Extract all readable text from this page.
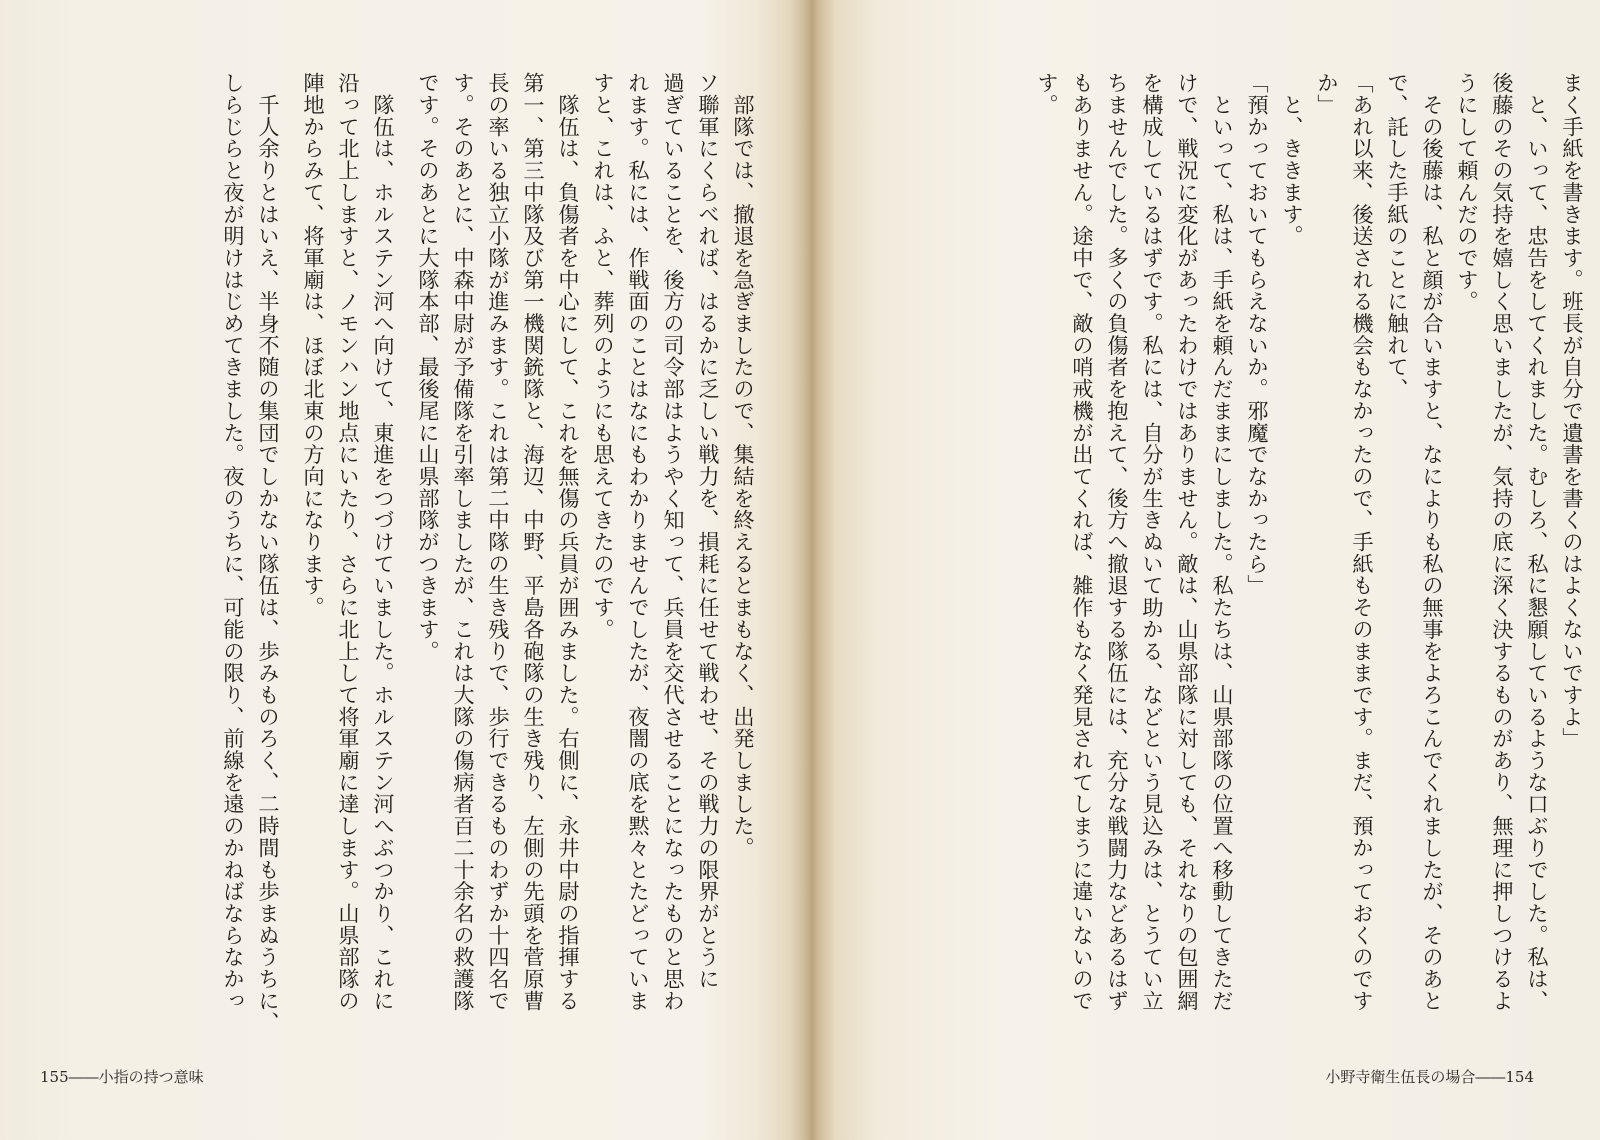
　部隊では、撤退を急ぎましたので、集結を終えるとまもなく、出発しました。
ソ聯軍にくらべれば、はるかに乏しい戦力を、損耗に任せて戦わせ、その戦力の限界がとうに
過ぎていることを、後方の司令部はようやく知って、兵員を交代させることになったものと思わ
れます。私には、作戦面のことはなにもわかりませんでしたが、夜闇の底を黙々とたどっていま
すと、これは、ふと、葬列のようにも思えてきたのです。
　隊伍は、負傷者を中心にして、これを無傷の兵員が囲みました。右側に、永井中尉の指揮する
第一、第三中隊及び第一機関銃隊と、海辺、中野、平島各砲隊の生き残り、左側の先頭を菅原曹
長の率いる独立小隊が進みます。これは第二中隊の生き残りで、歩行できるものわずか十四名で
す。そのあとに、中森中尉が予備隊を引率しましたが、これは大隊の傷病者百二十余名の救護隊
です。そのあとに大隊本部、最後尾に山県部隊がつきます。
　隊伍は、ホルステン河へ向けて、東進をつづけていました。ホルステン河へぶつかり、これに
沿って北上しますと、ノモンハン地点にいたり、さらに北上して将軍廟に達します。山県部隊の
陣地からみて、将軍廟は、ほぼ北東の方向になります。
　千人余りとはいえ、半身不随の集団でしかない隊伍は、歩みものろく、二時間も歩まぬうちに、
しらじらと夜が明けはじめてきました。夜のうちに、可能の限り、前線を遠のかねばならなかっ
155――小指の持つ意味
まく手紙を書きます。班長が自分で遺書を書くのはよくないですよ」
　と、いって、忠告をしてくれました。むしろ、私に懇願しているような口ぶりでした。私は、
後藤のその気持を嬉しく思いましたが、気持の底に深く決するものがあり、無理に押しつけるよ
うにして頼んだのです。
　その後藤は、私と顔が合いますと、なによりも私の無事をよろこんでくれましたが、そのあと
で、託した手紙のことに触れて、
「あれ以来、後送される機会もなかったので、手紙もそのままです。まだ、預かっておくのです
か」
　と、ききます。
「預かっておいてもらえないか。邪魔でなかったら」
　といって、私は、手紙を頼んだままにしました。私たちは、山県部隊の位置へ移動してきただ
けで、戦況に変化があったわけではありません。敵は、山県部隊に対しても、それなりの包囲網
を構成しているはずです。私には、自分が生きぬいて助かる、などという見込みは、とうてい立
ちませんでした。多くの負傷者を抱えて、後方へ撤退する隊伍には、充分な戦闘力などあるはず
もありません。途中で、敵の哨戒機が出てくれば、雑作もなく発見されてしまうに違いないので
す。
小野寺衛生伍長の場合――154
